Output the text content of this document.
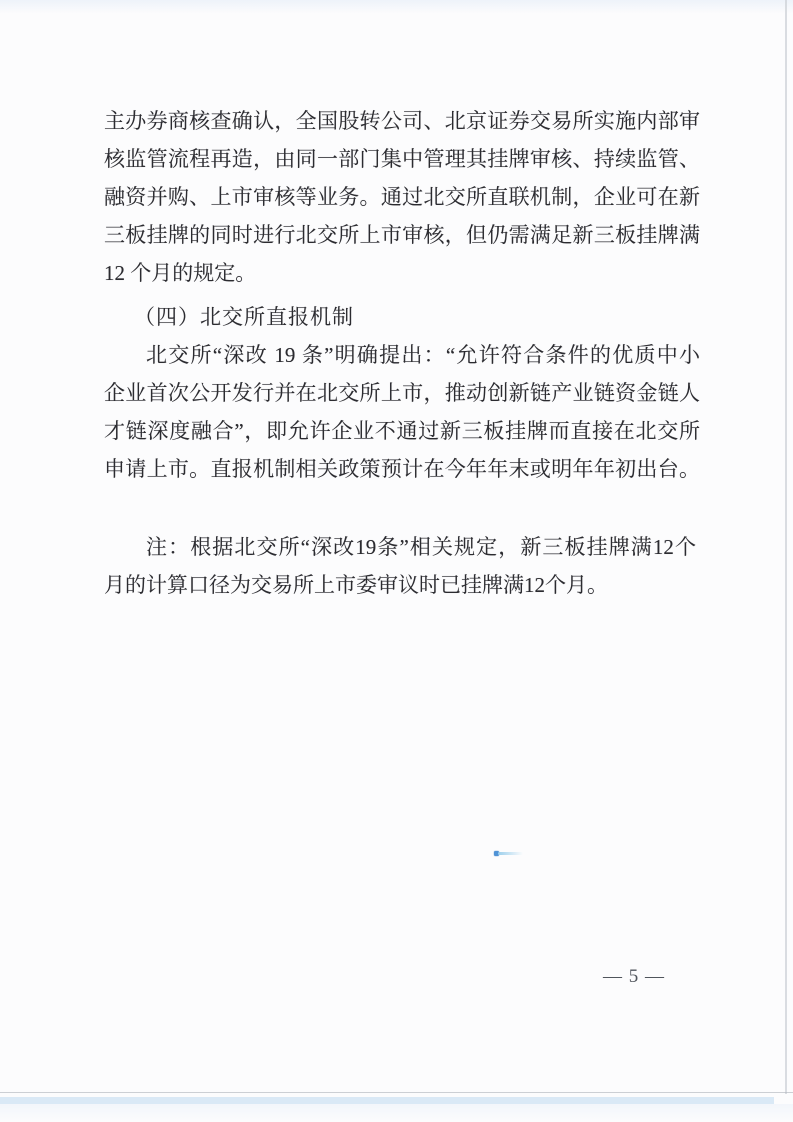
主办券商核查确认，全国股转公司、北京证券交易所实施内部审
核监管流程再造，由同一部门集中管理其挂牌审核、持续监管、
融资并购、上市审核等业务。通过北交所直联机制，企业可在新
三板挂牌的同时进行北交所上市审核，但仍需满足新三板挂牌满
12 个月的规定。
（四）北交所直报机制
北交所“深改 19 条”明确提出：“允许符合条件的优质中小
企业首次公开发行并在北交所上市，推动创新链产业链资金链人
才链深度融合”，即允许企业不通过新三板挂牌而直接在北交所
申请上市。直报机制相关政策预计在今年年末或明年年初出台。
注：根据北交所“深改19条”相关规定，新三板挂牌满12个
月的计算口径为交易所上市委审议时已挂牌满12个月。
— 5 —
